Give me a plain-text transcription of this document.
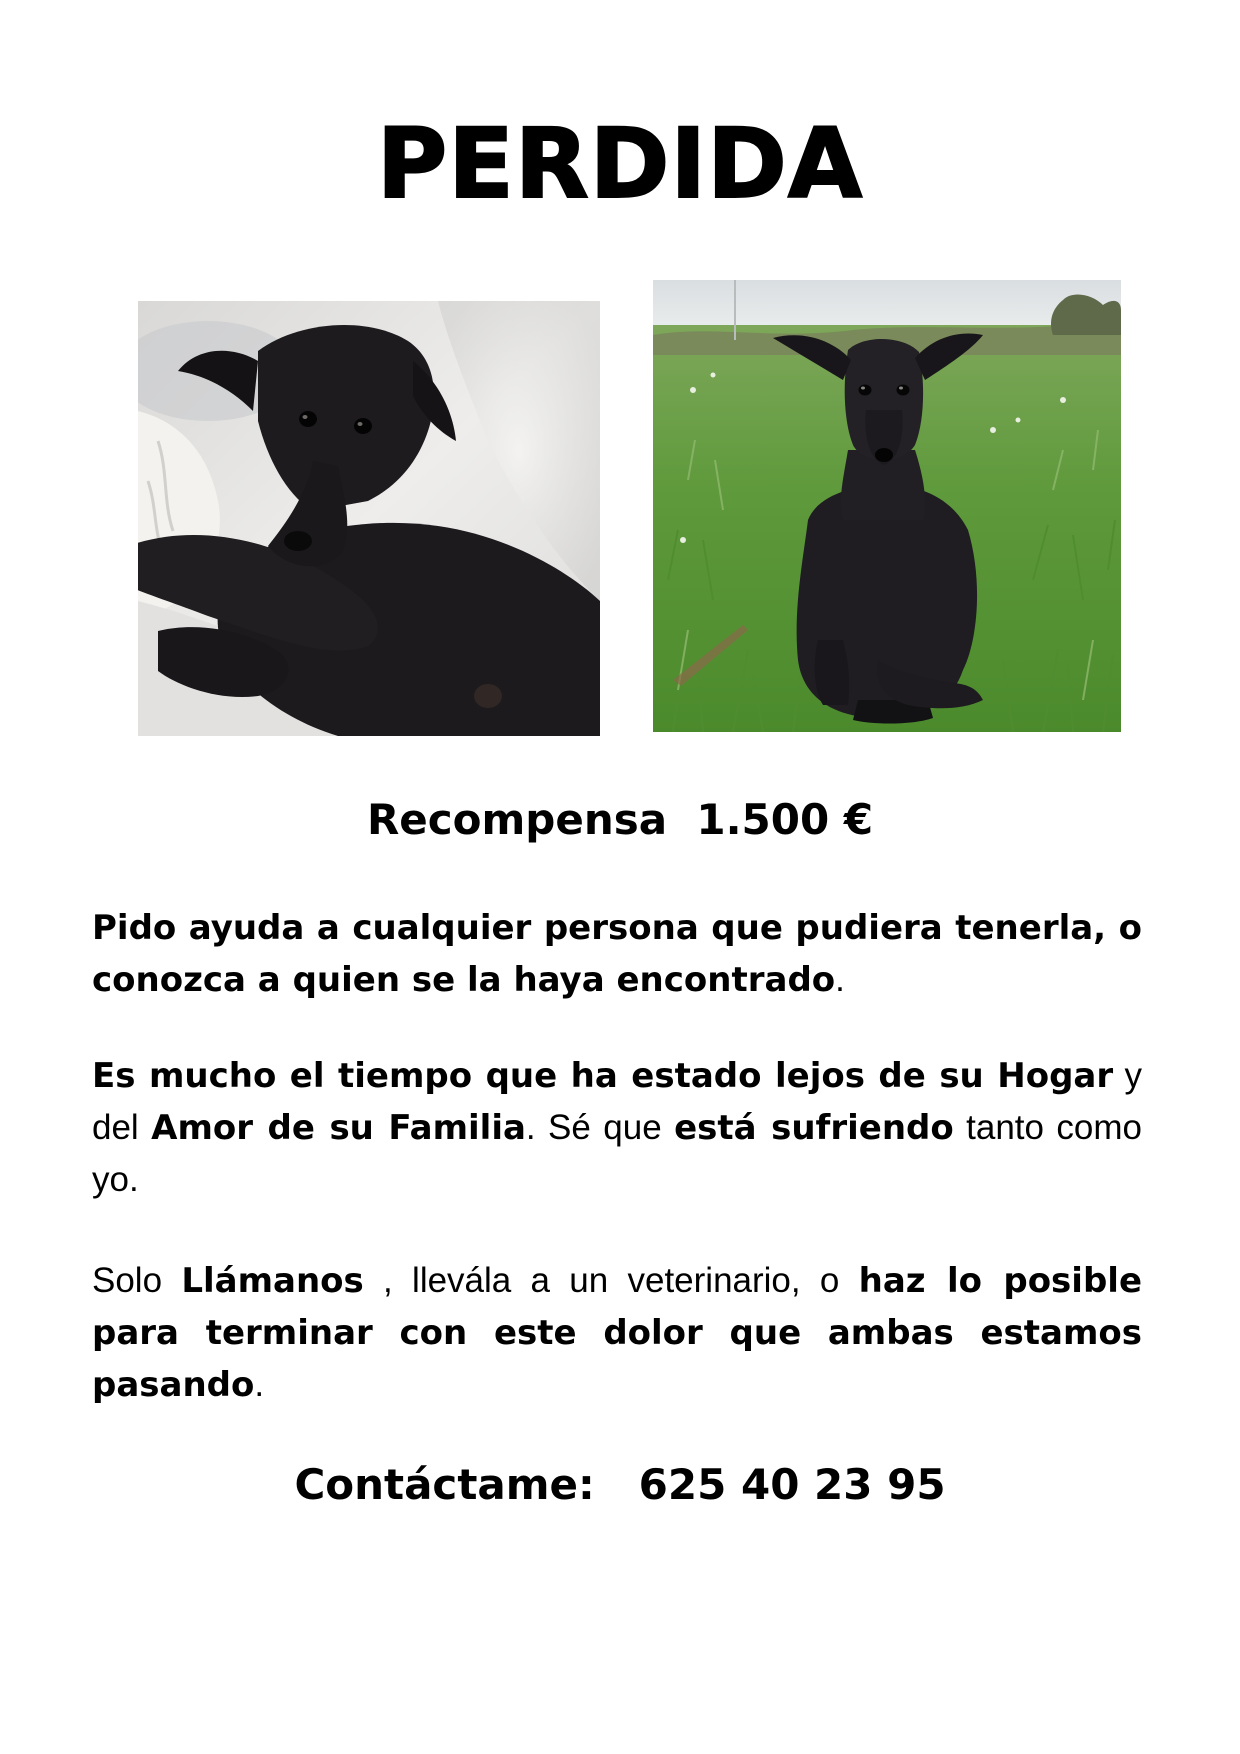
PERDIDA
Recompensa 1.500 €
Pido ayuda a cualquier persona que pudiera tenerla, o conozca a quien se la haya encontrado.
Es mucho el tiempo que ha estado lejos de su Hogar y del Amor de su Familia. Sé que está sufriendo tanto como yo.
Solo Llámanos , llevála a un veterinario, o haz lo posible para terminar con este dolor que ambas estamos pasando.
Contáctame: 625 40 23 95
